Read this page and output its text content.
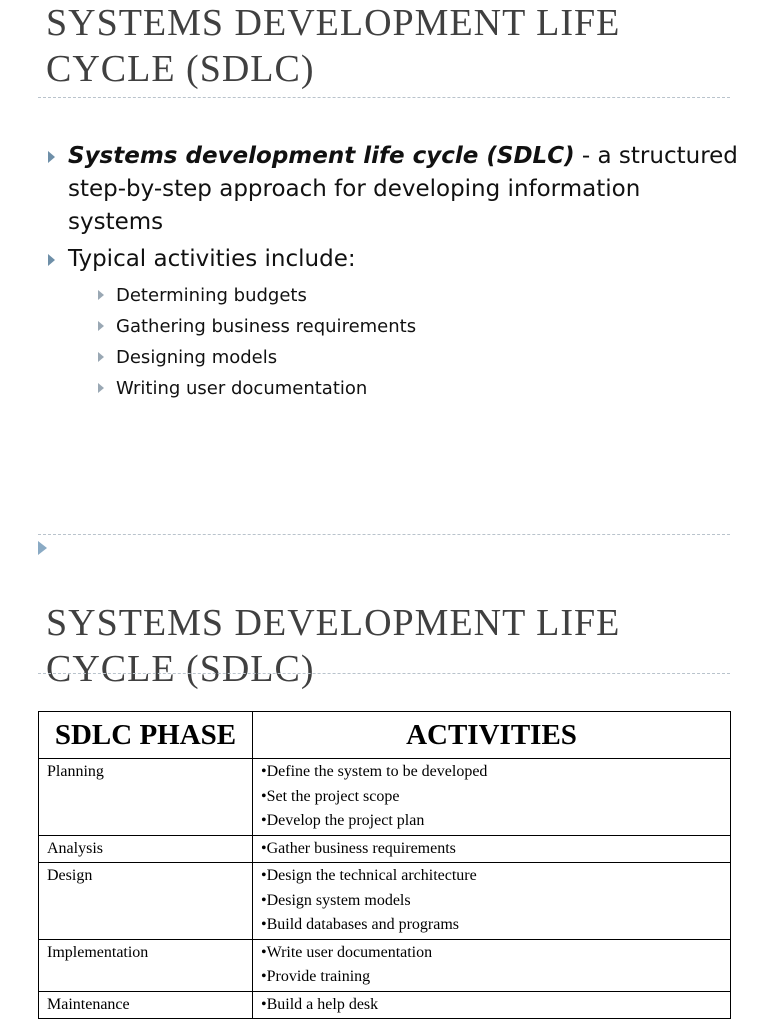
SYSTEMS DEVELOPMENT LIFE CYCLE (SDLC)
Systems development life cycle (SDLC) - a structured step-by-step approach for developing information systems
Typical activities include:
Determining budgets
Gathering business requirements
Designing models
Writing user documentation
SYSTEMS DEVELOPMENT LIFE CYCLE (SDLC)
SDLC PHASE	ACTIVITIES
Planning	•Define the system to be developed
•Set the project scope
•Develop the project plan

Analysis	•Gather business requirements

Design	•Design the technical architecture
•Design system models
•Build databases and programs

Implementation	•Write user documentation
•Provide training

Maintenance	•Build a help desk
